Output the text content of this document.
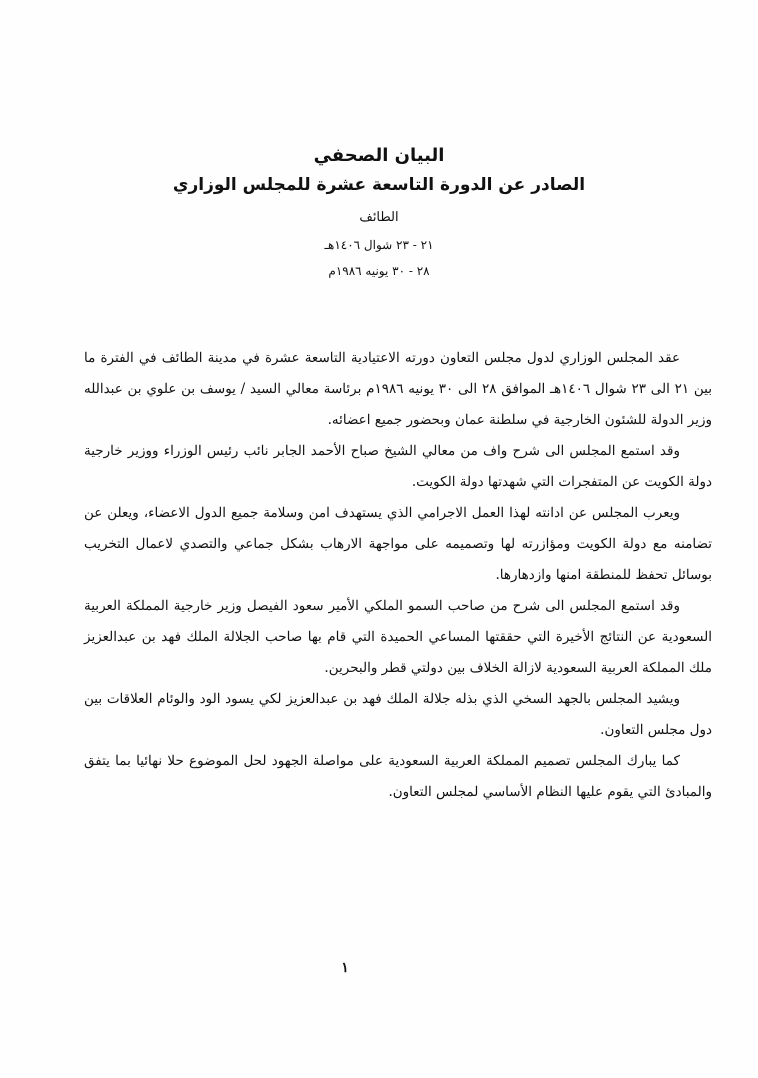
البيان الصحفي
الصادر عن الدورة التاسعة عشرة للمجلس الوزاري
الطائف
٢١ - ٢٣ شوال ١٤٠٦هـ
٢٨ - ٣٠ يونيه ١٩٨٦م

عقد المجلس الوزاري لدول مجلس التعاون دورته الاعتيادية التاسعة عشرة في مدينة الطائف في الفترة ما بين ٢١ الى ٢٣ شوال ١٤٠٦هـ الموافق ٢٨ الى ٣٠ يونيه ١٩٨٦م برئاسة معالي السيد / يوسف بن علوي بن عبدالله وزير الدولة للشئون الخارجية في سلطنة عمان وبحضور جميع اعضائه.

وقد استمع المجلس الى شرح واف من معالي الشيخ صباح الأحمد الجابر نائب رئيس الوزراء ووزير خارجية دولة الكويت عن المتفجرات التي شهدتها دولة الكويت.

ويعرب المجلس عن ادانته لهذا العمل الاجرامي الذي يستهدف امن وسلامة جميع الدول الاعضاء، ويعلن عن تضامنه مع دولة الكويت ومؤازرته لها وتصميمه على مواجهة الارهاب بشكل جماعي والتصدي لاعمال التخريب بوسائل تحفظ للمنطقة امنها وازدهارها.

وقد استمع المجلس الى شرح من صاحب السمو الملكي الأمير سعود الفيصل وزير خارجية المملكة العربية السعودية عن النتائج الأخيرة التي حققتها المساعي الحميدة التي قام بها صاحب الجلالة الملك فهد بن عبدالعزيز ملك المملكة العربية السعودية لازالة الخلاف بين دولتي قطر والبحرين.

ويشيد المجلس بالجهد السخي الذي بذله جلالة الملك فهد بن عبدالعزيز لكي يسود الود والوئام العلاقات بين دول مجلس التعاون.

كما يبارك المجلس تصميم المملكة العربية السعودية على مواصلة الجهود لحل الموضوع حلا نهائيا بما يتفق والمبادئ التي يقوم عليها النظام الأساسي لمجلس التعاون.

١
